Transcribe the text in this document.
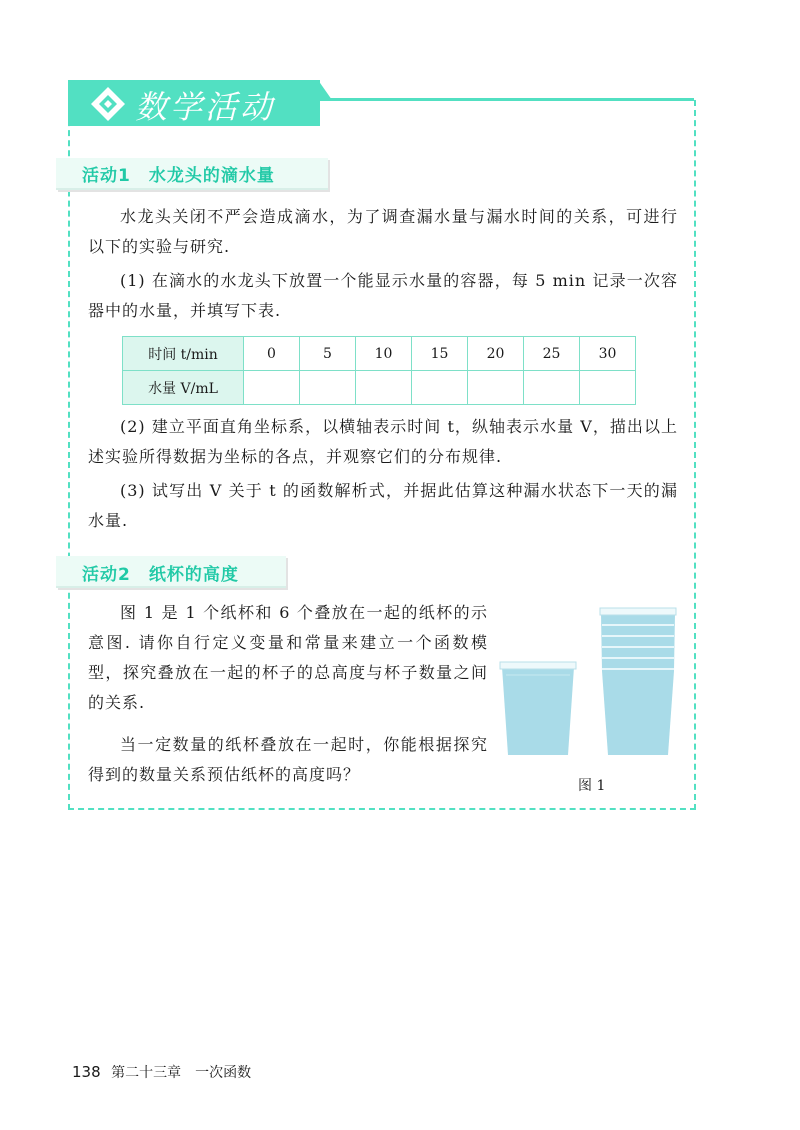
数学活动
活动1　水龙头的滴水量
水龙头关闭不严会造成滴水，为了调查漏水量与漏水时间的关系，可进行以下的实验与研究.
(1) 在滴水的水龙头下放置一个能显示水量的容器，每 5 min 记录一次容器中的水量，并填写下表.
时间 t/min	0	5	10	15	20	25	30
水量 V/mL							
(2) 建立平面直角坐标系，以横轴表示时间 t，纵轴表示水量 V，描出以上述实验所得数据为坐标的各点，并观察它们的分布规律.
(3) 试写出 V 关于 t 的函数解析式，并据此估算这种漏水状态下一天的漏水量.
活动2　纸杯的高度
图 1 是 1 个纸杯和 6 个叠放在一起的纸杯的示意图. 请你自行定义变量和常量来建立一个函数模型，探究叠放在一起的杯子的总高度与杯子数量之间的关系.
当一定数量的纸杯叠放在一起时，你能根据探究得到的数量关系预估纸杯的高度吗？
图 1
138 第二十三章　一次函数
